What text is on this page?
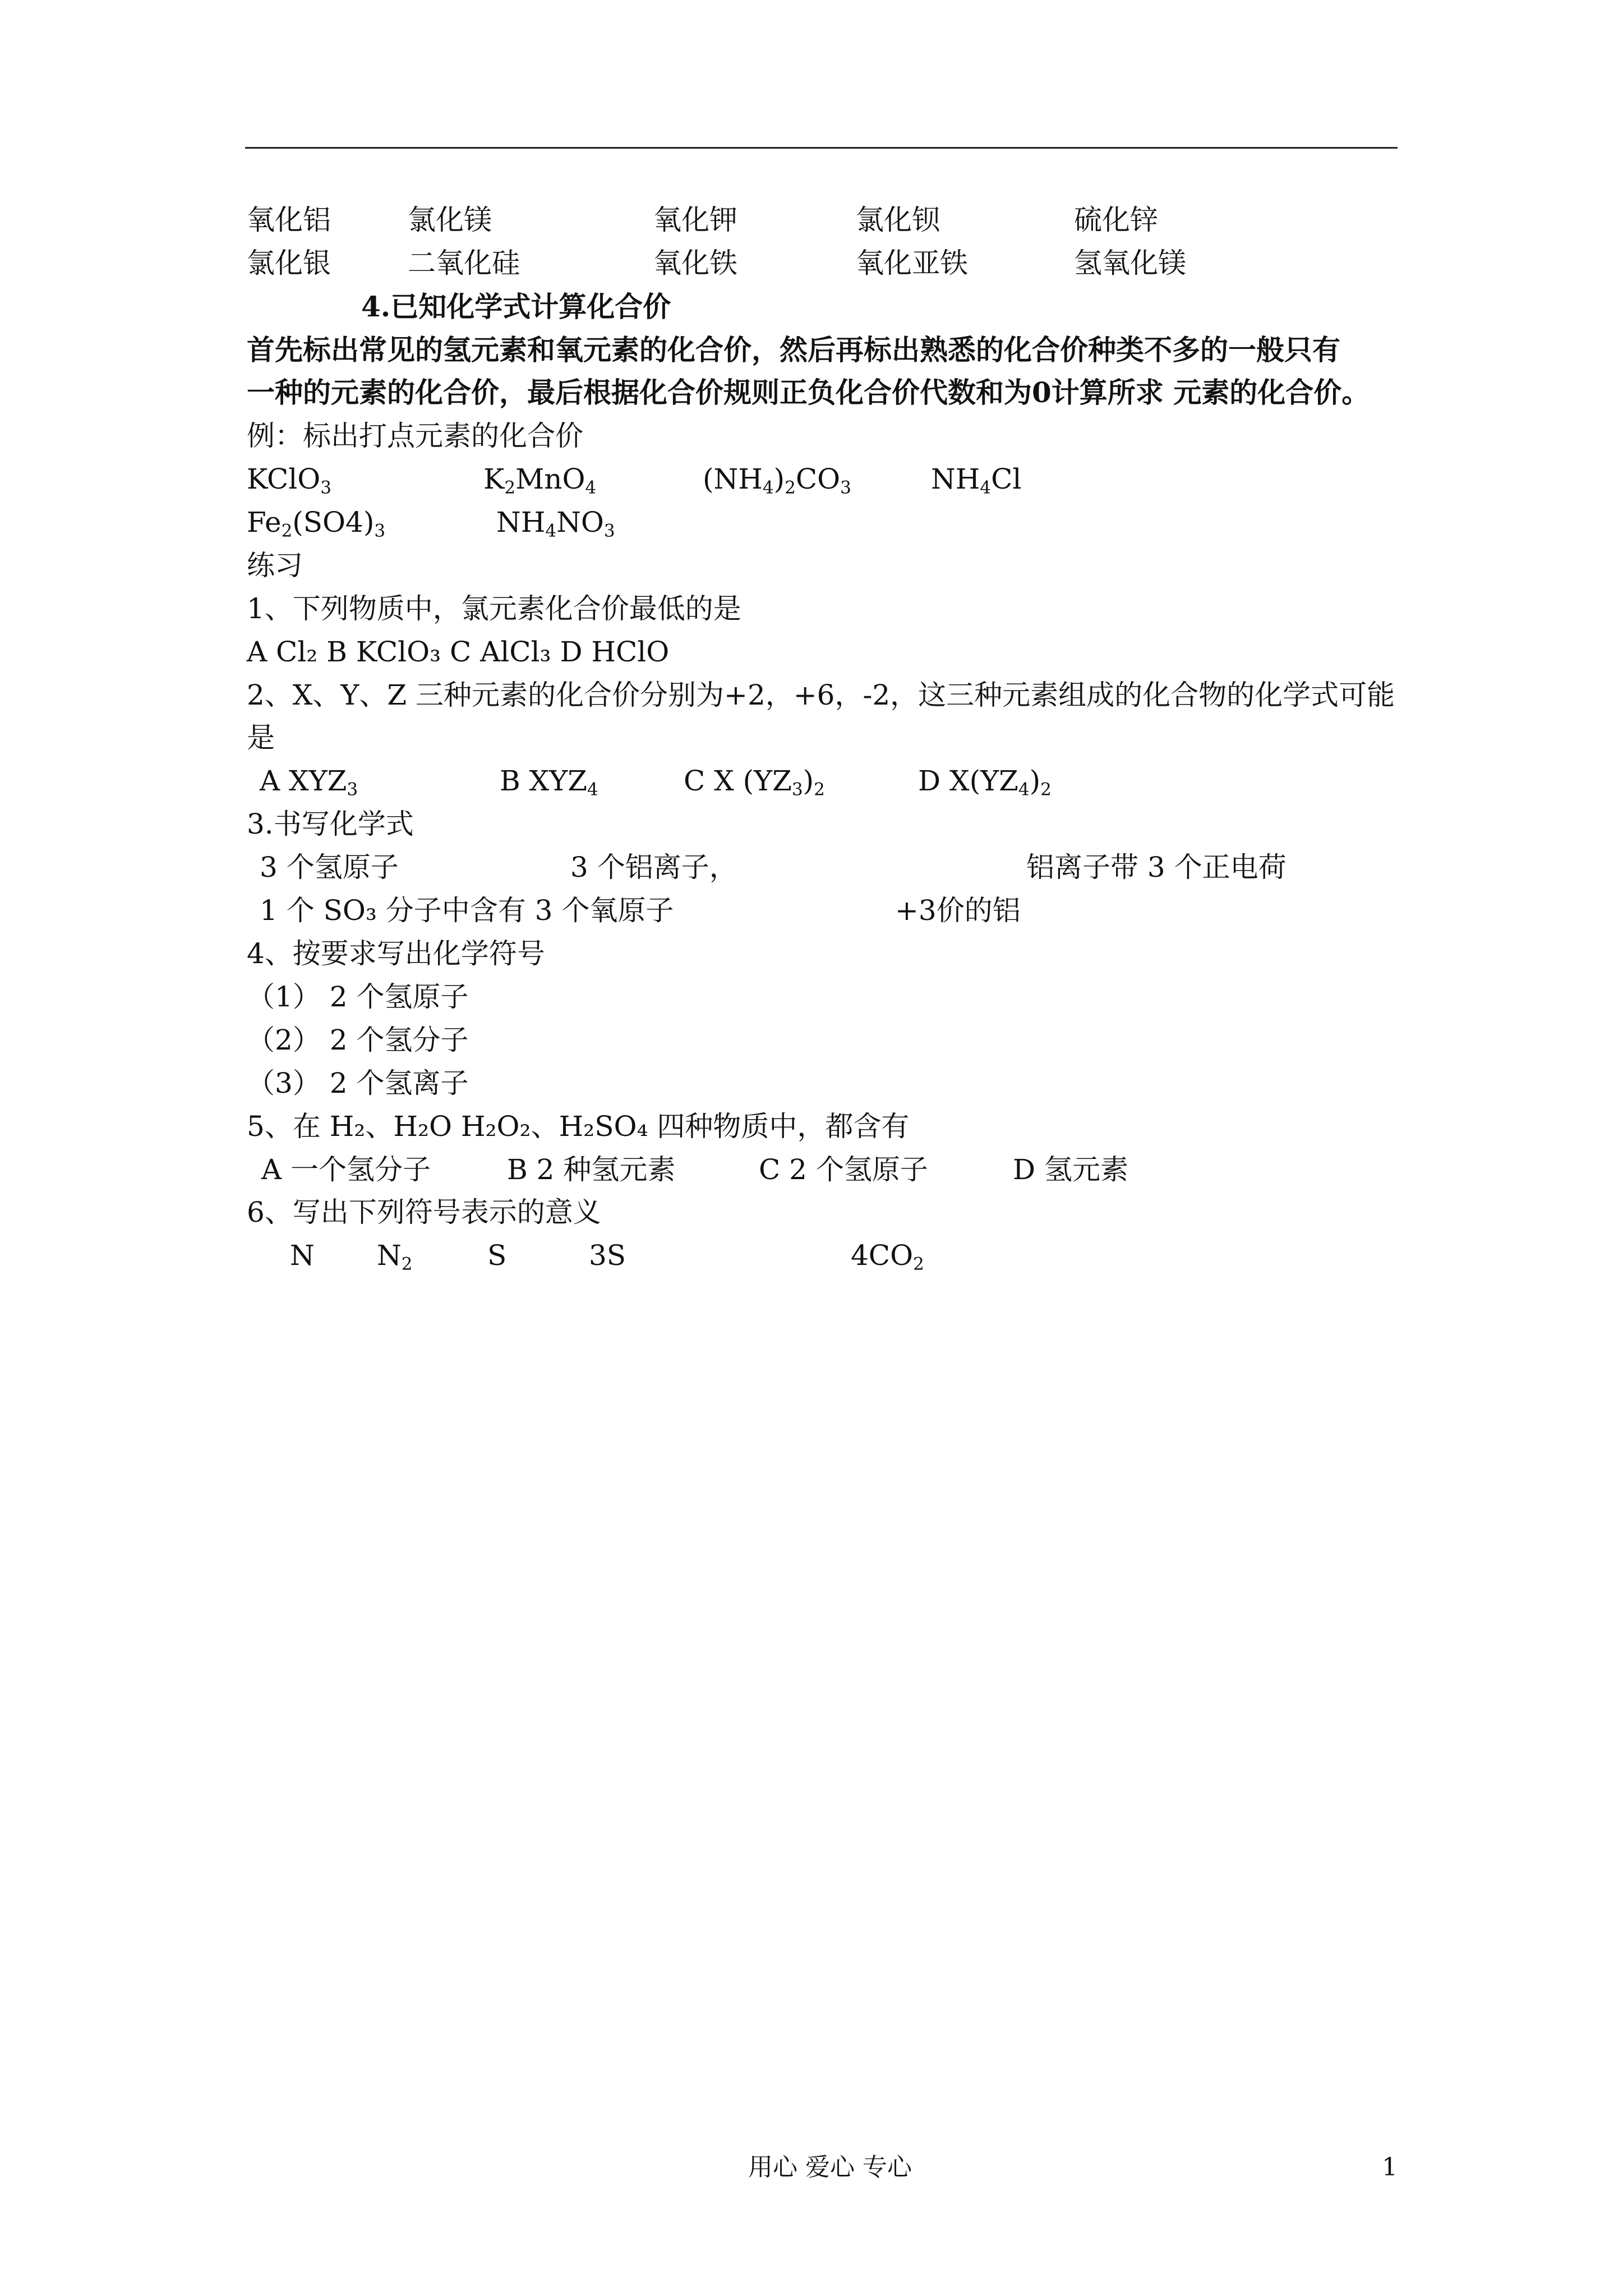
氧化铝	氯化镁	氧化钾	氯化钡	硫化锌
氯化银	二氧化硅	氧化铁	氧化亚铁	氢氧化镁
4.已知化学式计算化合价
首先标出常见的氢元素和氧元素的化合价，然后再标出熟悉的化合价种类不多的一般只有
一种的元素的化合价，最后根据化合价规则正负化合价代数和为0计算所求 元素的化合价。
例：标出打点元素的化合价
KClO$_3$	$K_2MnO_4$	$(NH_4)_2CO_3$	$NH_4Cl$
$Fe_2(SO4)_3$	$NH_4NO_3$
练习
1、下列物质中，氯元素化合价最低的是
A Cl₂ B KClO₃ C AlCl₃ D HClO
2、X、Y、Z 三种元素的化合价分别为+2，+6，-2，这三种元素组成的化合物的化学式可能
是
A $XYZ_3$	B $XYZ_4$	C X $(YZ_3)_2$	D $X(YZ_4)_2$
3.书写化学式
3 个氢原子	3 个铝离子，	铝离子带 3 个正电荷
1 个 SO₃ 分子中含有 3 个氧原子	+3价的铝
4、按要求写出化学符号
（1） 2 个氢原子
（2） 2 个氢分子
（3） 2 个氢离子
5、在 H₂、H₂O H₂O₂、H₂SO₄ 四种物质中，都含有
A 一个氢分子	B 2 种氢元素	C 2 个氢原子	D 氢元素
6、写出下列符号表示的意义
N $N_2$	S	3S	$4CO_2$
用心 爱心 专心	1
